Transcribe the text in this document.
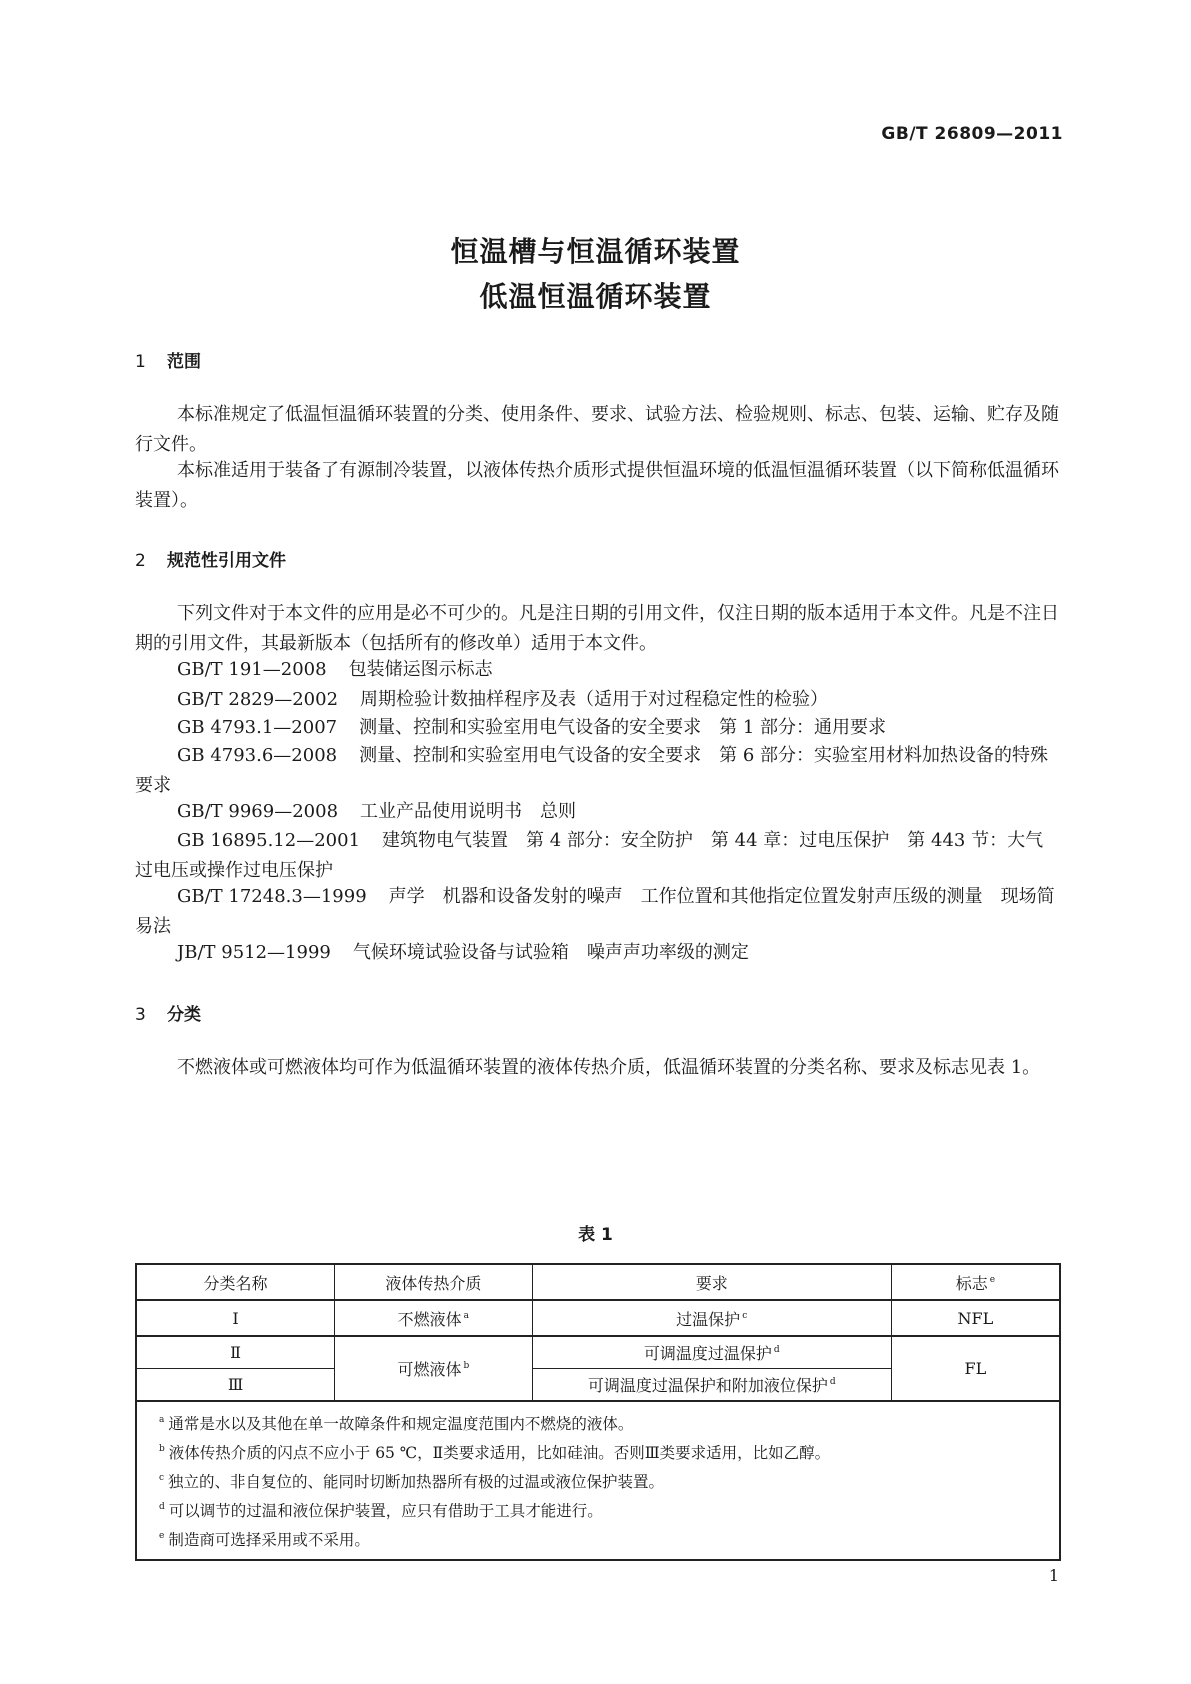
GB/T 26809—2011
恒温槽与恒温循环装置
低温恒温循环装置
1 范围

本标准规定了低温恒温循环装置的分类、使用条件、要求、试验方法、检验规则、标志、包装、运输、贮存及随行文件。

本标准适用于装备了有源制冷装置，以液体传热介质形式提供恒温环境的低温恒温循环装置（以下简称低温循环装置）。

2 规范性引用文件

下列文件对于本文件的应用是必不可少的。凡是注日期的引用文件，仅注日期的版本适用于本文件。凡是不注日期的引用文件，其最新版本（包括所有的修改单）适用于本文件。

GB/T 191—2008 包装储运图示标志

GB/T 2829—2002 周期检验计数抽样程序及表（适用于对过程稳定性的检验）

GB 4793.1—2007 测量、控制和实验室用电气设备的安全要求　第 1 部分：通用要求

GB 4793.6—2008 测量、控制和实验室用电气设备的安全要求　第 6 部分：实验室用材料加热设备的特殊要求

GB/T 9969—2008 工业产品使用说明书　总则

GB 16895.12—2001 建筑物电气装置　第 4 部分：安全防护　第 44 章：过电压保护　第 443 节：大气过电压或操作过电压保护

GB/T 17248.3—1999 声学　机器和设备发射的噪声　工作位置和其他指定位置发射声压级的测量　现场简易法

JB/T 9512—1999 气候环境试验设备与试验箱　噪声声功率级的测定

3 分类

不燃液体或可燃液体均可作为低温循环装置的液体传热介质，低温循环装置的分类名称、要求及标志见表 1。

表 1
分类名称	液体传热介质	要求	标志 $^e$
Ⅰ	不燃液体 $^a$	过温保护 $^c$	NFL
Ⅱ	可燃液体 $^b$	可调温度过温保护 $^d$	FL
Ⅲ		可调温度过温保护和附加液位保护 $^d$

$^a$ 通常是水以及其他在单一故障条件和规定温度范围内不燃烧的液体。
$^b$ 液体传热介质的闪点不应小于 65 ℃，Ⅱ类要求适用，比如硅油。否则Ⅲ类要求适用，比如乙醇。
$^c$ 独立的、非自复位的、能同时切断加热器所有极的过温或液位保护装置。
$^d$ 可以调节的过温和液位保护装置，应只有借助于工具才能进行。
$^e$ 制造商可选择采用或不采用。			
1
